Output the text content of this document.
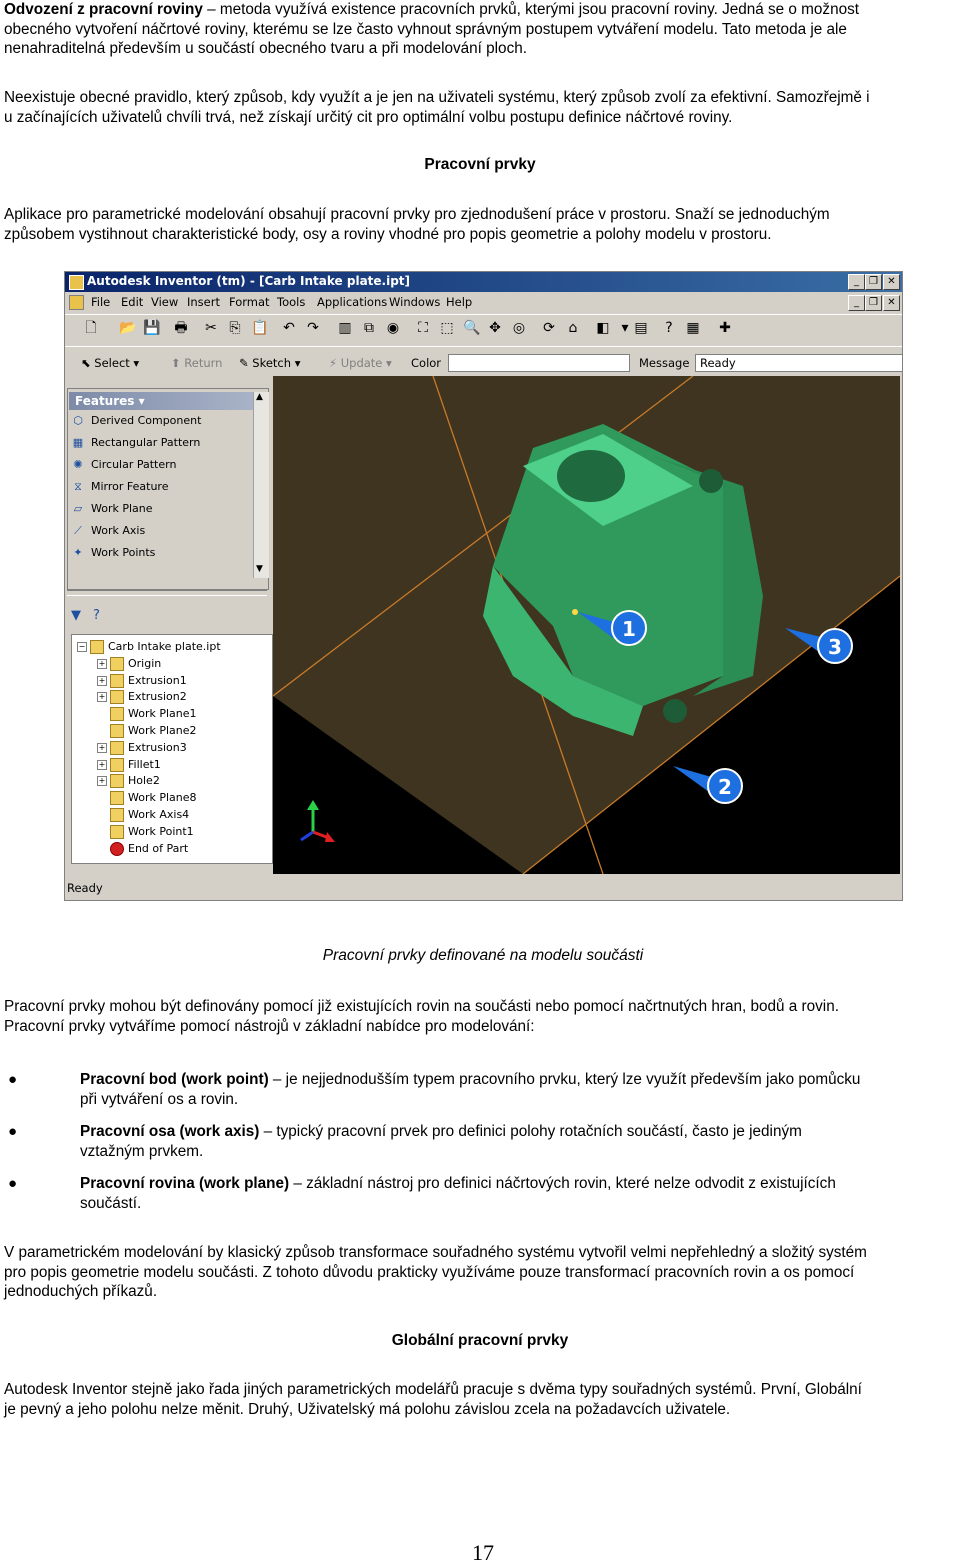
Odvození z pracovní roviny – metoda využívá existence pracovních prvků, kterými jsou pracovní roviny. Jedná se o možnost
obecného vytvoření náčrtové roviny, kterému se lze často vyhnout správným postupem vytváření modelu. Tato metoda je ale
nenahraditelná především u součástí obecného tvaru a při modelování ploch.
Neexistuje obecné pravidlo, který způsob, kdy využít a je jen na uživateli systému, který způsob zvolí za efektivní. Samozřejmě i
u začínajících uživatelů chvíli trvá, než získají určitý cit pro optimální volbu postupu definice náčrtové roviny.
Pracovní prvky
Aplikace pro parametrické modelování obsahují pracovní prvky pro zjednodušení práce v prostoru. Snaží se jednoduchým
způsobem vystihnout charakteristické body, osy a roviny vhodné pro popis geometrie a polohy modelu v prostoru.
Autodesk Inventor (tm) - [Carb Intake plate.ipt]	_	❐ ✕
File Edit View Insert Format Tools Applications Windows Help	_	❐ ✕
🗋 📂 💾 🖶 ✂ ⎘ 📋 ↶ ↷ ▥ ⧉ ◉ ⛶ ⬚ 🔍 ✥ ◎ ⟳ ⌂ ◧ ▾ ▤	? ▦ ✚
⬉ Select ▾	⬆ Return ✎ Sketch ▾ ⚡ Update ▾ Color	Message Ready
Features ▾
⬡ Derived Component
▦ Rectangular Pattern
✺ Circular Pattern
⧖ Mirror Feature
▱ Work Plane
⟋ Work Axis
✦ Work Points
▲
▼
▼ ?
− Carb Intake plate.ipt
+ Origin
+ Extrusion1
+ Extrusion2
Work Plane1
Work Plane2
+ Extrusion3
+ Fillet1
+ Hole2
Work Plane8
Work Axis4
Work Point1
End of Part
1
2
3
Ready
Pracovní prvky definované na modelu součásti
Pracovní prvky mohou být definovány pomocí již existujících rovin na součásti nebo pomocí načrtnutých hran, bodů a rovin.
Pracovní prvky vytváříme pomocí nástrojů v základní nabídce pro modelování:
●	Pracovní bod (work point) – je nejjednodušším typem pracovního prvku, který lze využít především jako pomůcku
při vytváření os a rovin.
●	Pracovní osa (work axis) – typický pracovní prvek pro definici polohy rotačních součástí, často je jediným
vztažným prvkem.
●	Pracovní rovina (work plane) – základní nástroj pro definici náčrtových rovin, které nelze odvodit z existujících
součástí.
V parametrickém modelování by klasický způsob transformace souřadného systému vytvořil velmi nepřehledný a složitý systém
pro popis geometrie modelu součásti. Z tohoto důvodu prakticky využíváme pouze transformací pracovních rovin a os pomocí
jednoduchých příkazů.
Globální pracovní prvky
Autodesk Inventor stejně jako řada jiných parametrických modelářů pracuje s dvěma typy souřadných systémů. První, Globální
je pevný a jeho polohu nelze měnit. Druhý, Uživatelský má polohu závislou zcela na požadavcích uživatele.
17
